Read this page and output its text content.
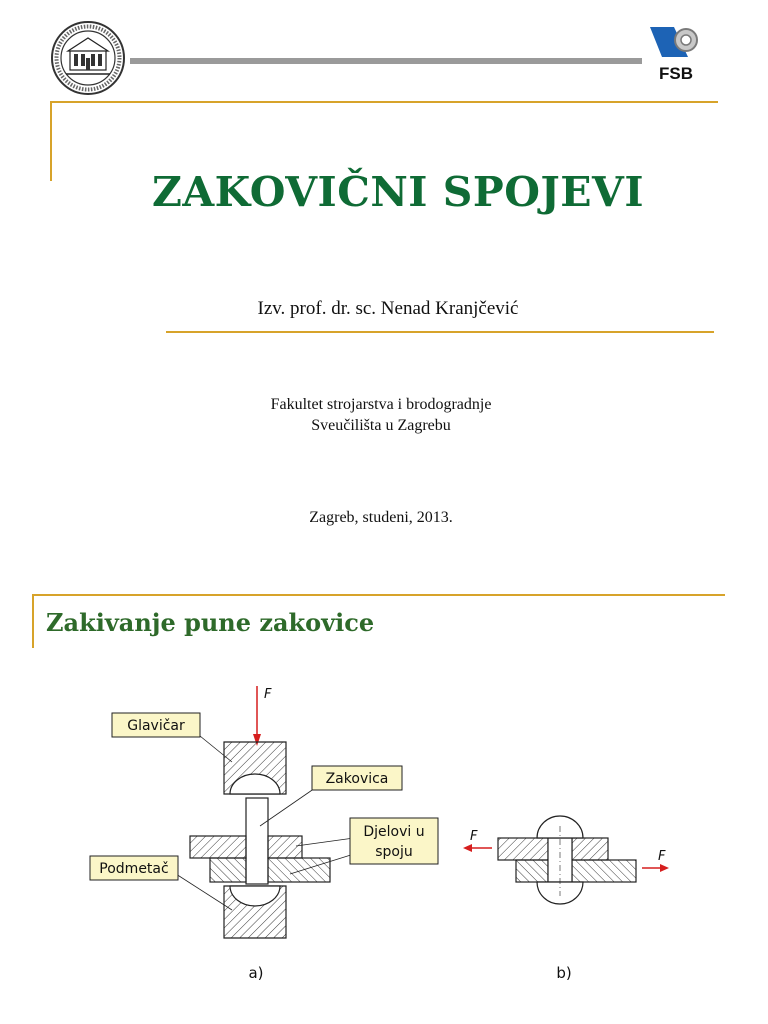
FSB
ZAKOVIČNI SPOJEVI
Izv. prof. dr. sc. Nenad Kranjčević
Fakultet strojarstva i brodogradnje
Sveučilišta u Zagrebu
Zagreb, studeni, 2013.
Zakivanje pune zakovice
F
Glavičar
Zakovica
Djelovi u
spoju
Podmetač
a)
F
F
b)
